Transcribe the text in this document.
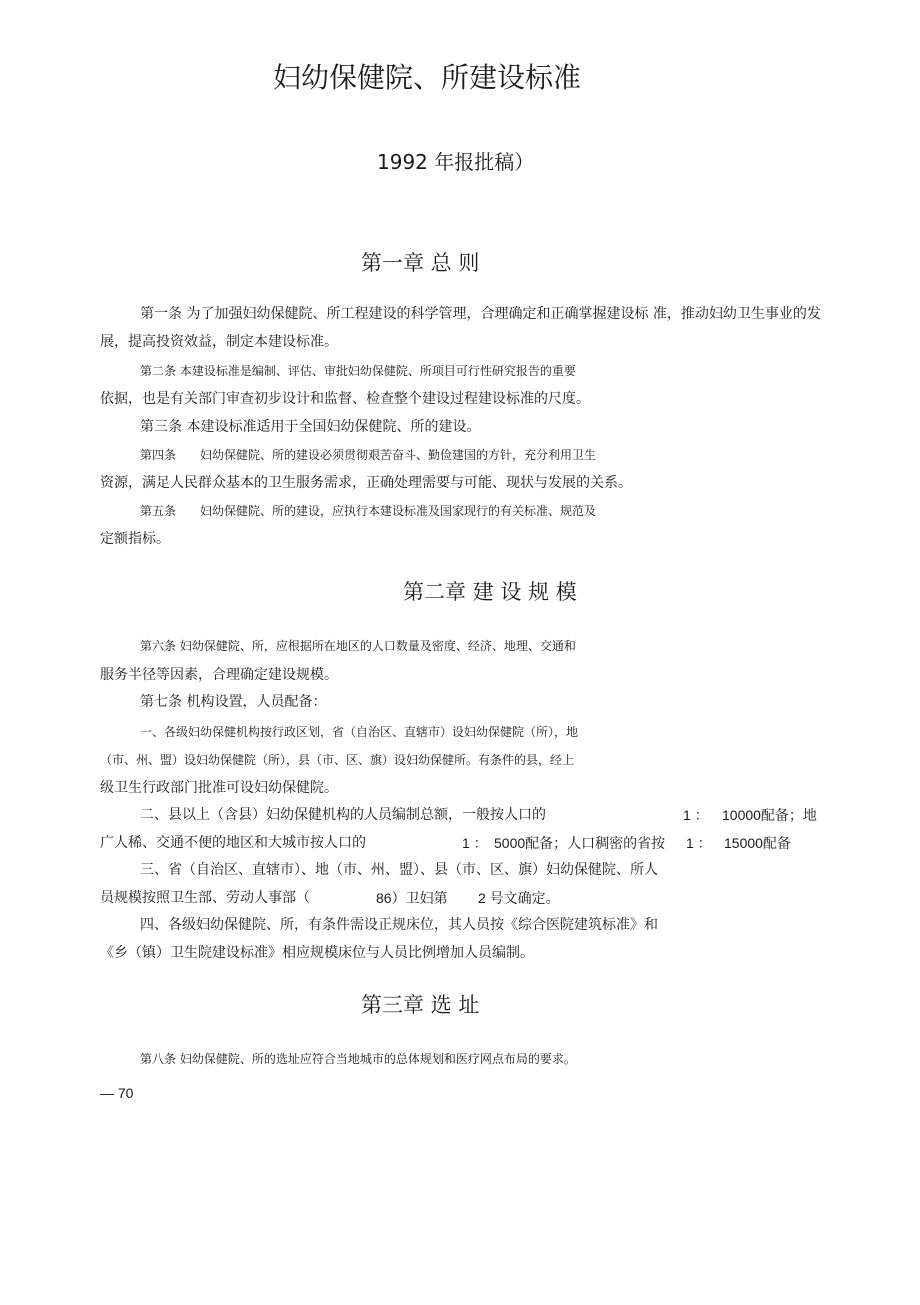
妇幼保健院、所建设标准
1992 年报批稿）
第一章 总 则
第一条 为了加强妇幼保健院、所工程建设的科学管理，合理确定和正确掌握建设标 准，推动妇幼卫生事业的发
展，提高投资效益，制定本建设标准。
第二条 本建设标准是编制、评估、审批妇幼保健院、所项目可行性研究报告的重要
依据，也是有关部门审查初步设计和监督、检查整个建设过程建设标准的尺度。
第三条 本建设标准适用于全国妇幼保健院、所的建设。
第四条　　妇幼保健院、所的建设必须贯彻艰苦奋斗、勤俭建国的方针，充分利用卫生
资源，满足人民群众基本的卫生服务需求，正确处理需要与可能、现状与发展的关系。
第五条　　妇幼保健院、所的建设，应执行本建设标准及国家现行的有关标准、规范及
定额指标。
第二章 建 设 规 模
第六条 妇幼保健院、所，应根据所在地区的人口数量及密度、经济、地理、交通和
服务半径等因素，合理确定建设规模。
第七条 机构设置，人员配备：
一、各级妇幼保健机构按行政区划，省（自治区、直辖市）设妇幼保健院（所），地
（市、州、盟）设妇幼保健院（所），县（市、区、旗）设妇幼保健所。有条件的县，经上
级卫生行政部门批准可设妇幼保健院。
二、县以上（含县）妇幼保健机构的人员编制总额，一般按人口的	1 ： 10000配备；地
广人稀、交通不便的地区和大城市按人口的	1 ： 5000配备；人口稠密的省按 1 ： 15000配备
三、省（自治区、直辖市）、地（市、州、盟）、县（市、区、旗）妇幼保健院、所人
员规模按照卫生部、劳动人事部（	86）卫妇第 2 号文确定。
四、各级妇幼保健院、所，有条件需设正规床位，其人员按《综合医院建筑标准》和
《乡（镇）卫生院建设标准》相应规模床位与人员比例增加人员编制。
第三章 选 址
第八条 妇幼保健院、所的选址应符合当地城市的总体规划和医疗网点布局的要求。
— 70
